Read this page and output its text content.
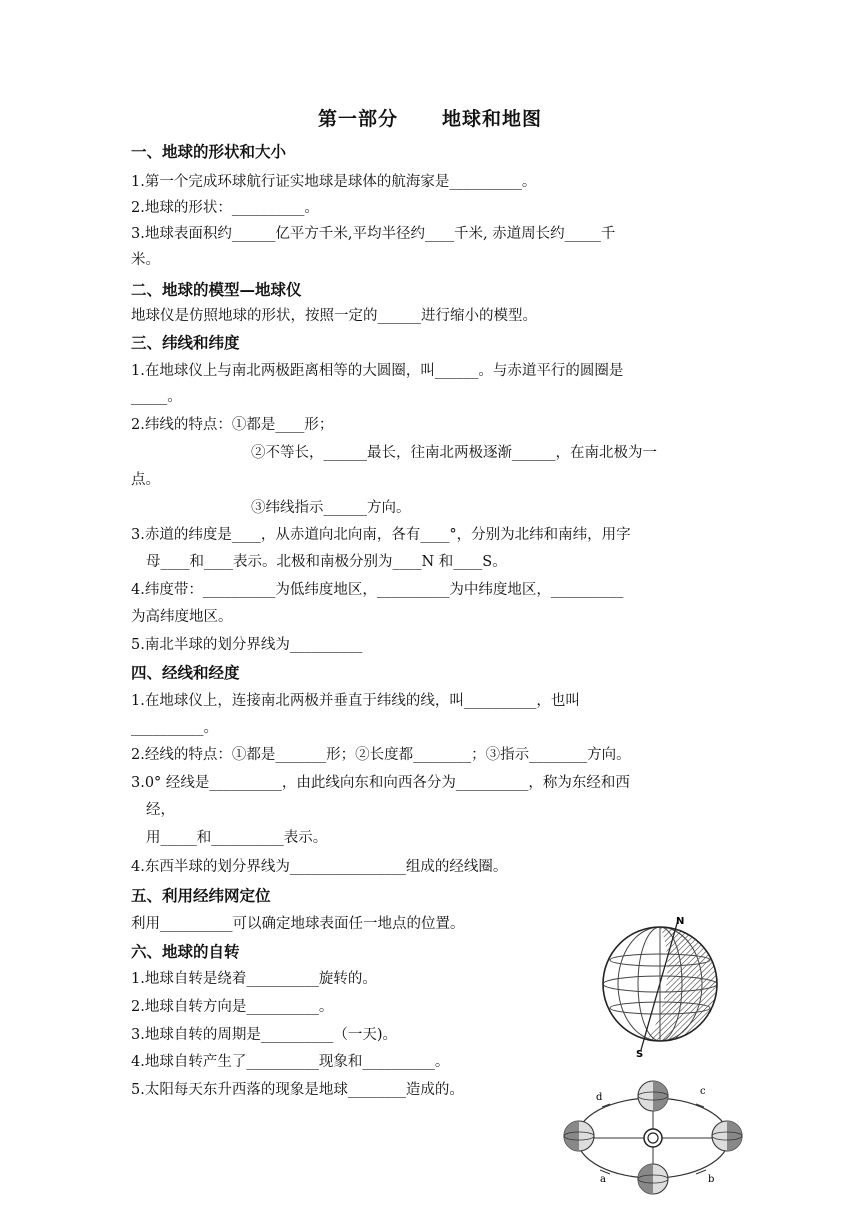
第一部分 地球和地图
一、地球的形状和大小
1.第一个完成环球航行证实地球是球体的航海家是__________。
2.地球的形状：__________。
3.地球表面积约______亿平方千米,平均半径约____千米, 赤道周长约_____千
米。
二、地球的模型—地球仪
地球仪是仿照地球的形状，按照一定的______进行缩小的模型。
三、纬线和纬度
1.在地球仪上与南北两极距离相等的大圆圈，叫______。与赤道平行的圆圈是
_____。
2.纬线的特点：①都是____形；
②不等长，______最长，往南北两极逐渐______，在南北极为一
点。
③纬线指示______方向。
3.赤道的纬度是____，从赤道向北向南，各有____°，分别为北纬和南纬，用字
母____和____表示。北极和南极分别为____N 和____S。
4.纬度带：__________为低纬度地区，__________为中纬度地区，__________
为高纬度地区。
5.南北半球的划分界线为__________
四、经线和经度
1.在地球仪上，连接南北两极并垂直于纬线的线，叫__________，也叫
__________。
2.经线的特点：①都是_______形；②长度都________；③指示________方向。
3.0° 经线是__________，由此线向东和向西各分为__________，称为东经和西
经，
用_____和__________表示。
4.东西半球的划分界线为________________组成的经线圈。
五、利用经纬网定位
利用__________可以确定地球表面任一地点的位置。
六、地球的自转
1.地球自转是绕着__________旋转的。
2.地球自转方向是__________。
3.地球自转的周期是__________（一天)。
4.地球自转产生了__________现象和__________。
5.太阳每天东升西落的现象是地球________造成的。
N
S
d
c
a	b
